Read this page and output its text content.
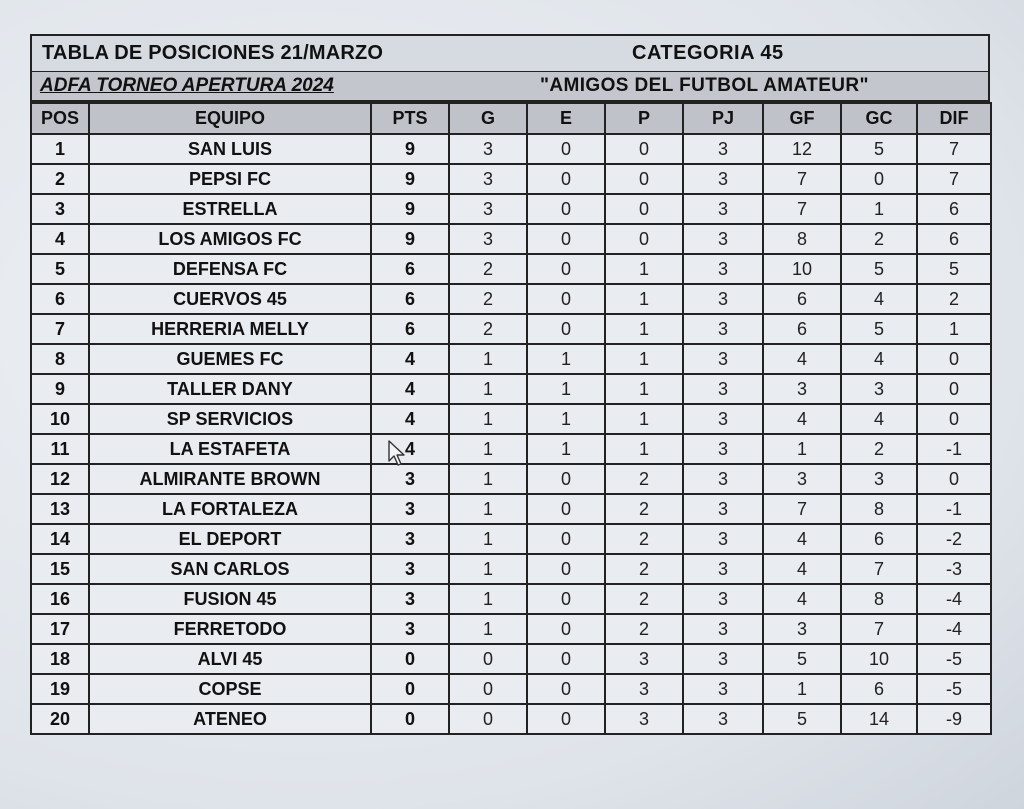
TABLA DE POSICIONES 21/MARZO	CATEGORIA 45
ADFA TORNEO APERTURA 2024	"AMIGOS DEL FUTBOL AMATEUR"
POS	EQUIPO	PTS	G	E	P	PJ	GF	GC	DIF
1	SAN LUIS	9	3	0	0	3	12	5	7
2	PEPSI FC	9	3	0	0	3	7	0	7
3	ESTRELLA	9	3	0	0	3	7	1	6
4	LOS AMIGOS FC	9	3	0	0	3	8	2	6
5	DEFENSA FC	6	2	0	1	3	10	5	5
6	CUERVOS 45	6	2	0	1	3	6	4	2
7	HERRERIA MELLY	6	2	0	1	3	6	5	1
8	GUEMES FC	4	1	1	1	3	4	4	0
9	TALLER DANY	4	1	1	1	3	3	3	0
10	SP SERVICIOS	4	1	1	1	3	4	4	0
11	LA ESTAFETA	4	1	1	1	3	1	2	-1
12	ALMIRANTE BROWN	3	1	0	2	3	3	3	0
13	LA FORTALEZA	3	1	0	2	3	7	8	-1
14	EL DEPORT	3	1	0	2	3	4	6	-2
15	SAN CARLOS	3	1	0	2	3	4	7	-3
16	FUSION 45	3	1	0	2	3	4	8	-4
17	FERRETODO	3	1	0	2	3	3	7	-4
18	ALVI 45	0	0	0	3	3	5	10	-5
19	COPSE	0	0	0	3	3	1	6	-5
20	ATENEO	0	0	0	3	3	5	14	-9
